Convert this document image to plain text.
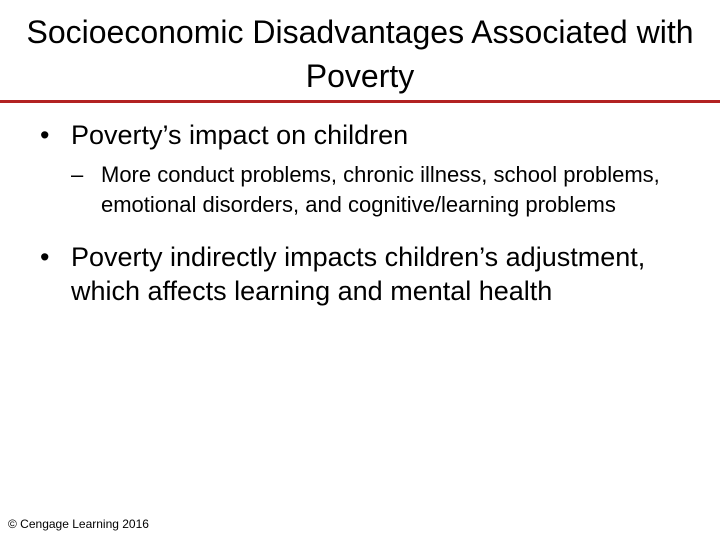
Socioeconomic Disadvantages Associated with Poverty

• Poverty’s impact on children

– More conduct problems, chronic illness, school problems, emotional disorders, and cognitive/learning problems

• Poverty indirectly impacts children’s adjustment, which affects learning and mental health

© Cengage Learning 2016
